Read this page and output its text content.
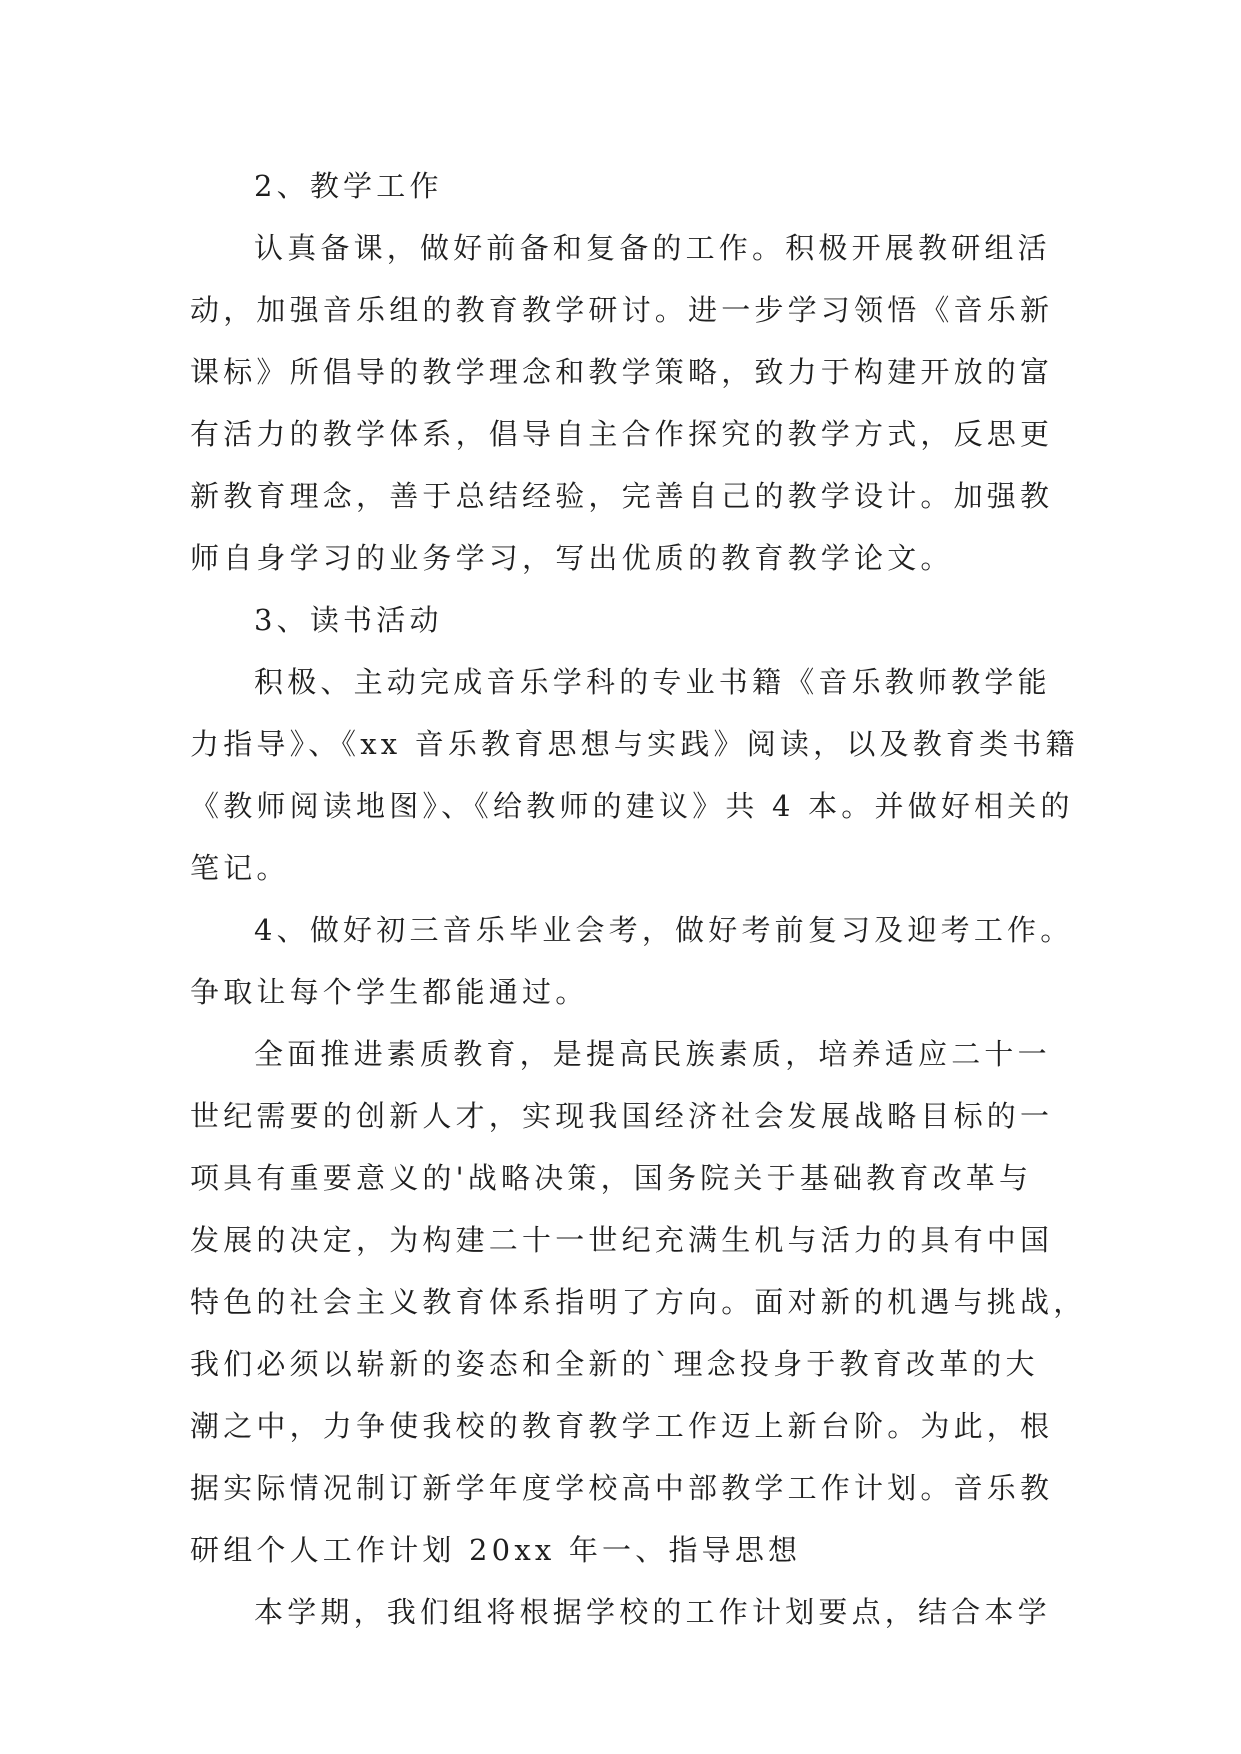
2、教学工作
认真备课，做好前备和复备的工作。积极开展教研组活
动，加强音乐组的教育教学研讨。进一步学习领悟《音乐新
课标》所倡导的教学理念和教学策略，致力于构建开放的富
有活力的教学体系，倡导自主合作探究的教学方式，反思更
新教育理念，善于总结经验，完善自己的教学设计。加强教
师自身学习的业务学习，写出优质的教育教学论文。
3、读书活动
积极、主动完成音乐学科的专业书籍《音乐教师教学能
力指导》、《xx 音乐教育思想与实践》阅读，以及教育类书籍
《教师阅读地图》、《给教师的建议》共 4 本。并做好相关的
笔记。
4、做好初三音乐毕业会考，做好考前复习及迎考工作。
争取让每个学生都能通过。
全面推进素质教育，是提高民族素质，培养适应二十一
世纪需要的创新人才，实现我国经济社会发展战略目标的一
项具有重要意义的'战略决策，国务院关于基础教育改革与
发展的决定，为构建二十一世纪充满生机与活力的具有中国
特色的社会主义教育体系指明了方向。面对新的机遇与挑战，
我们必须以崭新的姿态和全新的`理念投身于教育改革的大
潮之中，力争使我校的教育教学工作迈上新台阶。为此，根
据实际情况制订新学年度学校高中部教学工作计划。音乐教
研组个人工作计划 20xx 年一、指导思想
本学期，我们组将根据学校的工作计划要点，结合本学
